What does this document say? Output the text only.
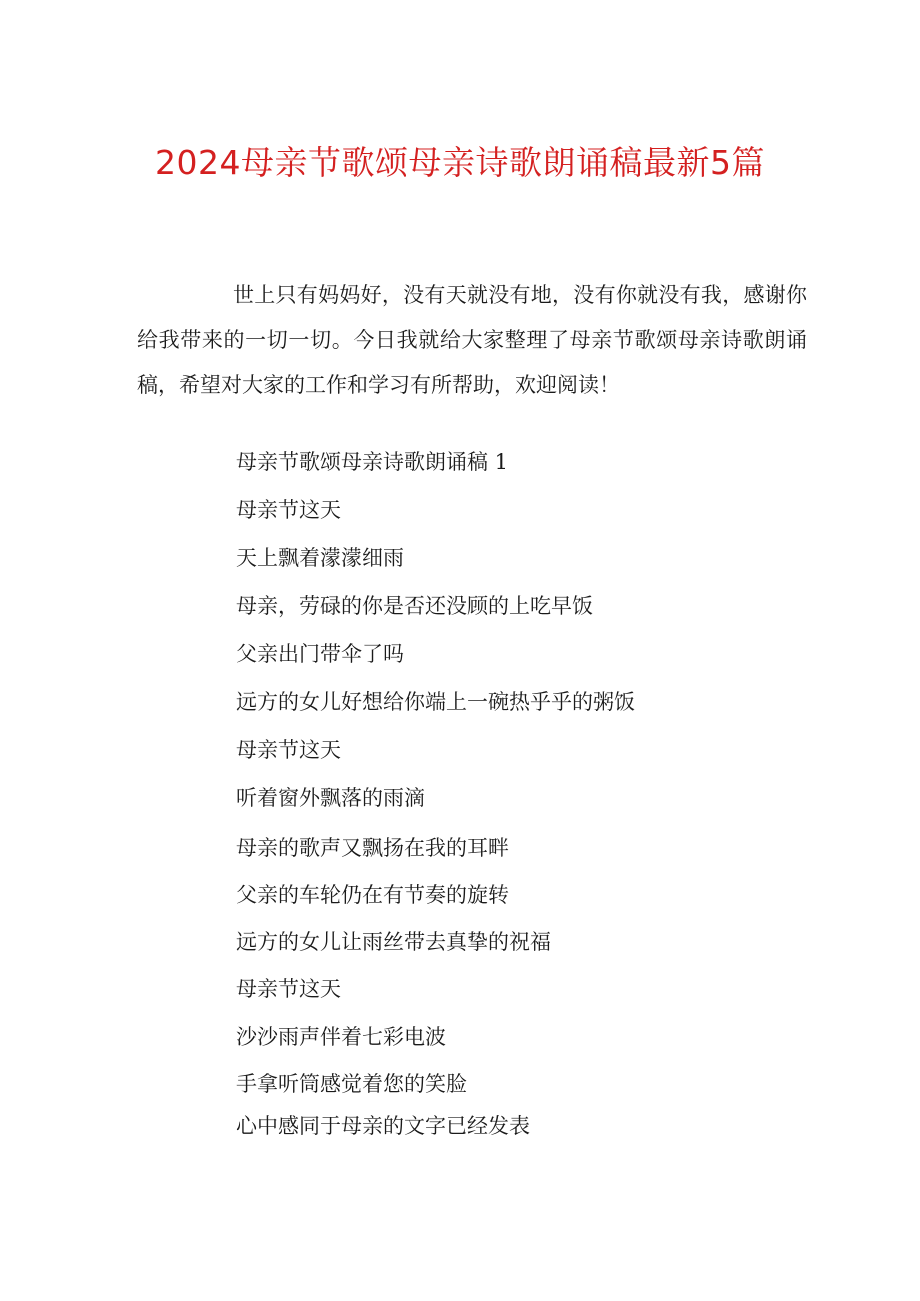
2024母亲节歌颂母亲诗歌朗诵稿最新5篇

世上只有妈妈好，没有天就没有地，没有你就没有我，感谢你给我带来的一切一切。今日我就给大家整理了母亲节歌颂母亲诗歌朗诵稿，希望对大家的工作和学习有所帮助，欢迎阅读！

母亲节歌颂母亲诗歌朗诵稿 1
母亲节这天
天上飘着濛濛细雨
母亲，劳碌的你是否还没顾的上吃早饭
父亲出门带伞了吗
远方的女儿好想给你端上一碗热乎乎的粥饭
母亲节这天
听着窗外飘落的雨滴
母亲的歌声又飘扬在我的耳畔
父亲的车轮仍在有节奏的旋转
远方的女儿让雨丝带去真挚的祝福
母亲节这天
沙沙雨声伴着七彩电波
手拿听筒感觉着您的笑脸
心中感同于母亲的文字已经发表
